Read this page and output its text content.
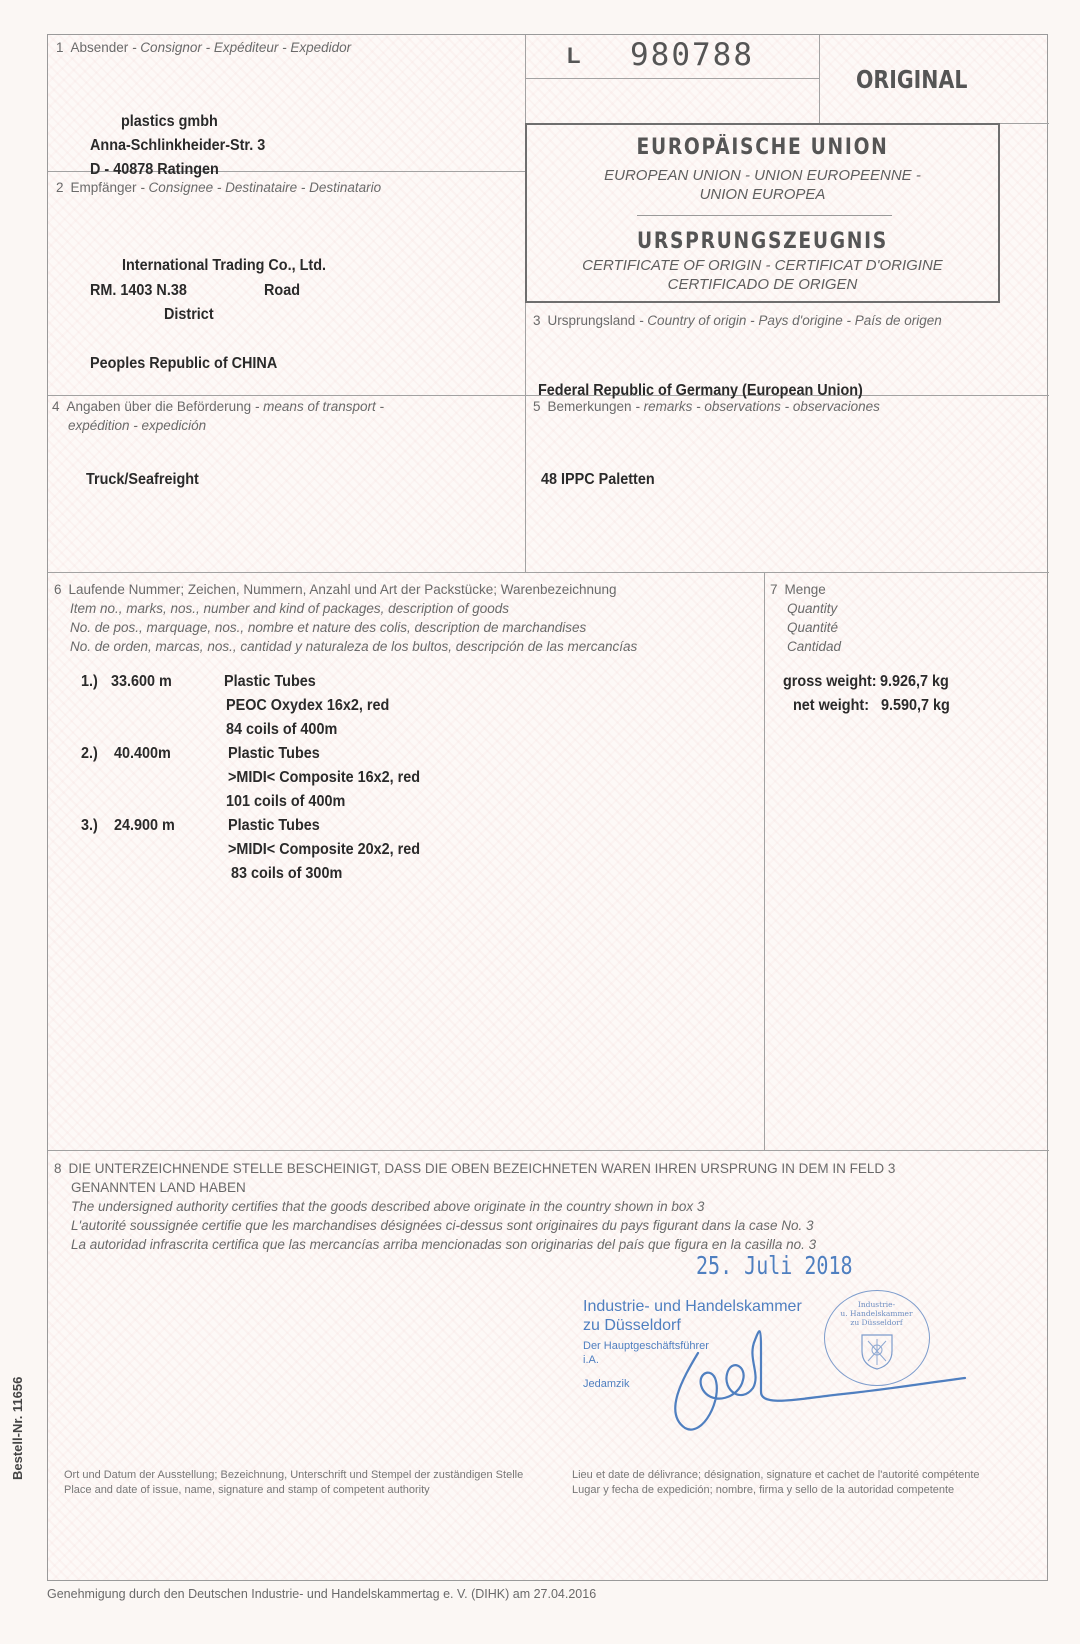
Bestell-Nr. 11656
1 Absender - Consignor - Expéditeur - Expedidor
plastics gmbh
Anna-Schlinkheider-Str. 3
D - 40878 Ratingen
L 980788
ORIGINAL
EUROPÄISCHE UNION
EUROPEAN UNION - UNION EUROPEENNE -
UNION EUROPEA
URSPRUNGSZEUGNIS
CERTIFICATE OF ORIGIN - CERTIFICAT D'ORIGINE
CERTIFICADO DE ORIGEN
2 Empfänger - Consignee - Destinataire - Destinatario
International Trading Co., Ltd.
RM. 1403 N.38	Road
District
Peoples Republic of CHINA
3 Ursprungsland - Country of origin - Pays d'origine - País de origen
Federal Republic of Germany (European Union)
4 Angaben über die Beförderung - means of transport -
expédition - expedición
Truck/Seafreight
5 Bemerkungen - remarks - observations - observaciones
48 IPPC Paletten
6 Laufende Nummer; Zeichen, Nummern, Anzahl und Art der Packstücke; Warenbezeichnung
Item no., marks, nos., number and kind of packages, description of goods
No. de pos., marquage, nos., nombre et nature des colis, description de marchandises
No. de orden, marcas, nos., cantidad y naturaleza de los bultos, descripción de las mercancías
1.) 33.600 m	Plastic Tubes
PEOC Oxydex 16x2, red
84 coils of 400m
2.) 40.400m	Plastic Tubes
>MIDI< Composite 16x2, red
101 coils of 400m
3.) 24.900 m	Plastic Tubes
>MIDI< Composite 20x2, red
83 coils of 300m
7 Menge
Quantity
Quantité
Cantidad
gross weight: 9.926,7 kg
net weight: 9.590,7 kg
8 DIE UNTERZEICHNENDE STELLE BESCHEINIGT, DASS DIE OBEN BEZEICHNETEN WAREN IHREN URSPRUNG IN DEM IN FELD 3
GENANNTEN LAND HABEN
The undersigned authority certifies that the goods described above originate in the country shown in box 3
L'autorité soussignée certifie que les marchandises désignées ci-dessus sont originaires du pays figurant dans la case No. 3
La autoridad infrascrita certifica que las mercancías arriba mencionadas son originarias del país que figura en la casilla no. 3
25. Juli 2018
Industrie- und Handelskammer
zu Düsseldorf
Der Hauptgeschäftsführer
i.A.
Jedamzik
Industrie-
u. Handelskammer
zu Düsseldorf
Ort und Datum der Ausstellung; Bezeichnung, Unterschrift und Stempel der zuständigen Stelle
Place and date of issue, name, signature and stamp of competent authority
Lieu et date de délivrance; désignation, signature et cachet de l'autorité compétente
Lugar y fecha de expedición; nombre, firma y sello de la autoridad competente
Genehmigung durch den Deutschen Industrie- und Handelskammertag e. V. (DIHK) am 27.04.2016
